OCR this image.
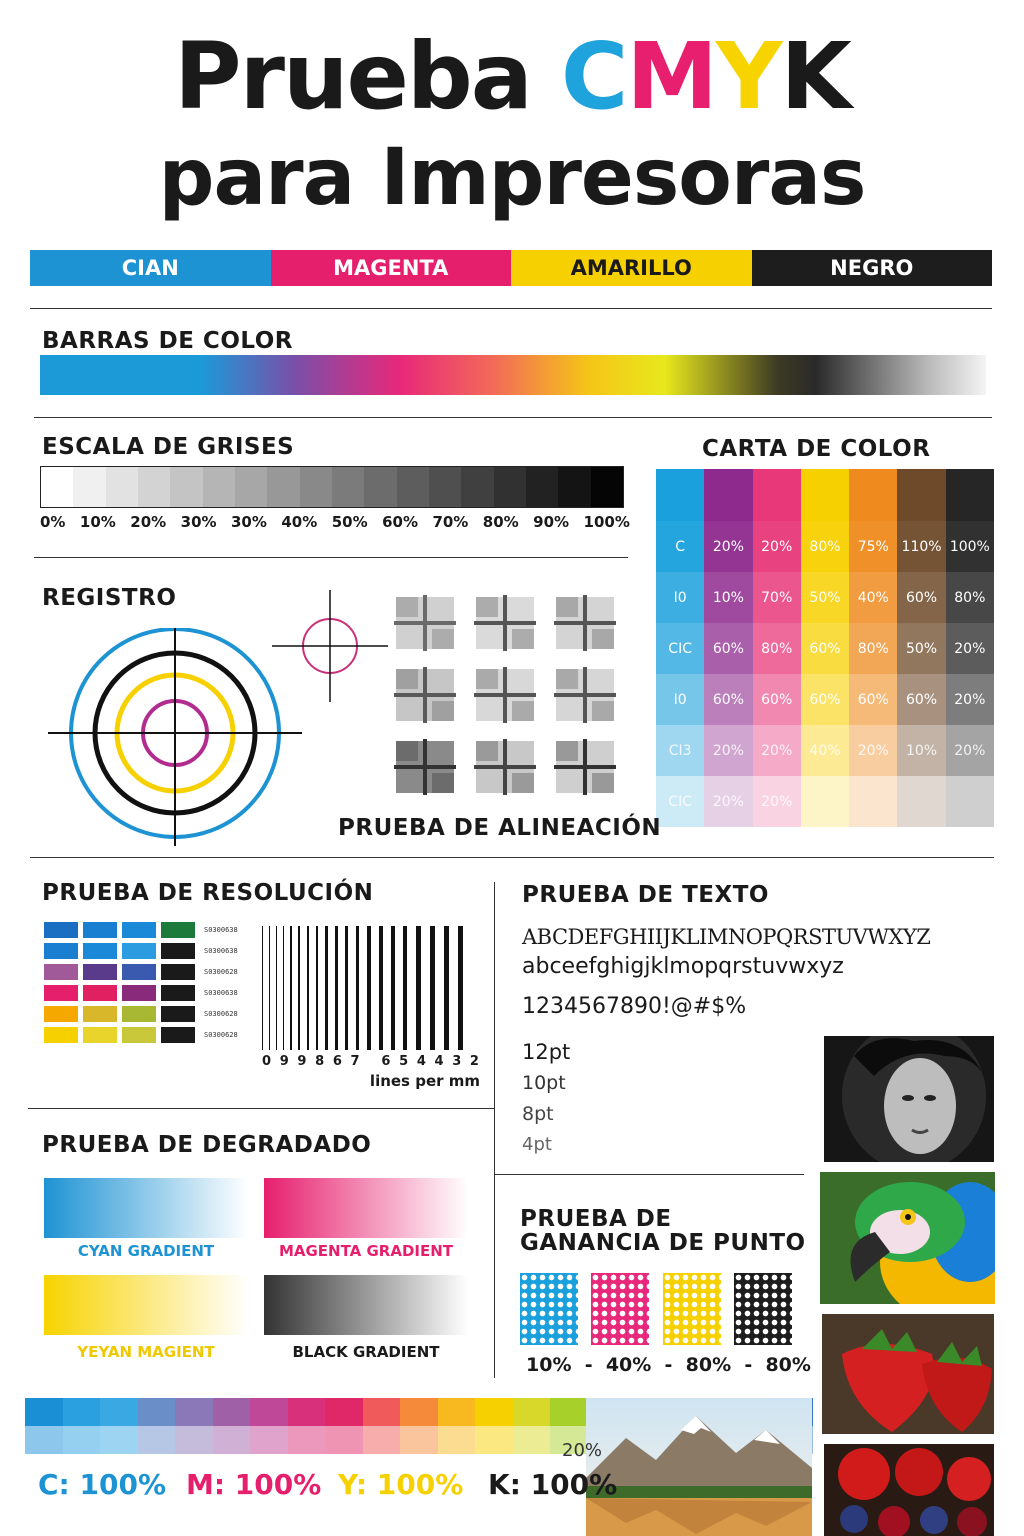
Prueba CMYK
para Impresoras
CIAN	MAGENTA	AMARILLO	NEGRO
BARRAS DE COLOR
ESCALA DE GRISES
0% 10% 20% 30% 30% 40% 50% 60% 70% 80% 90% 100%
CARTA DE COLOR
C	20%	20%	80%	75% 110% 100%
I0	10%	70%	50%	40%	60%	80%
CIC	60%	80%	60%	80%	50%	20%
I0	60%	60%	60%	60%	60%	20%
CI3	20%	20%	40%	20%	10%	20%
CIC	20%	20%
REGISTRO
PRUEBA DE ALINEACIÓN
PRUEBA DE RESOLUCIÓN
S0300638
S0300638
S0300628
S0300638
S0300628
S0300628
0 9 9 8 6 7
6 5 4 4 3 2
lines per mm
PRUEBA DE TEXTO
ABCDEFGHIIJKLIMNOPQRSTUVWXYZ
abceefghigjklmopqrstuvwxyz
1234567890!@#$%
12pt
10pt
8pt
4pt
PRUEBA DE DEGRADADO
CYAN GRADIENT	MAGENTA GRADIENT
YEYAN MAGIENT	BLACK GRADIENT
PRUEBA DE
GANANCIA DE PUNTO
10%  -  40%  -  80%  -  80%
20%
C: 100% M: 100% Y: 100% K: 100%
